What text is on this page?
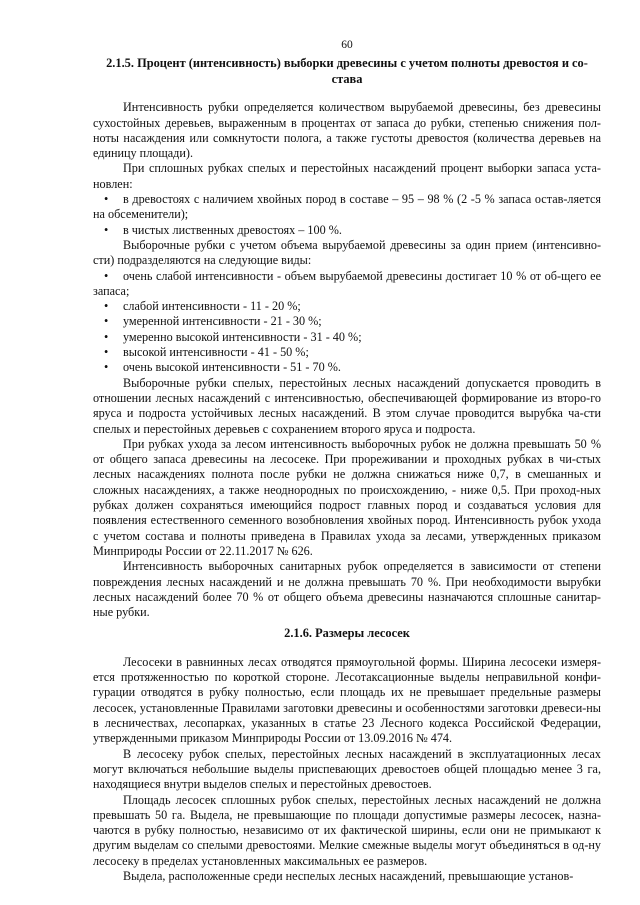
60
2.1.5. Процент (интенсивность) выборки древесины с учетом полноты древостоя и со-
става

Интенсивность рубки определяется количеством вырубаемой древесины, без древесины сухостойных деревьев, выраженным в процентах от запаса до рубки, степенью снижения пол-ноты насаждения или сомкнутости полога, а также густоты древостоя (количества деревьев на единицу площади).

При сплошных рубках спелых и перестойных насаждений процент выборки запаса уста-новлен:

• в древостоях с наличием хвойных пород в составе – 95 – 98 % (2 -5 % запаса остав-ляется на обсеменители);
• в чистых лиственных древостоях – 100 %.

Выборочные рубки с учетом объема вырубаемой древесины за один прием (интенсивно-сти) подразделяются на следующие виды:

• очень слабой интенсивности - объем вырубаемой древесины достигает 10 % от об-щего ее запаса;
• слабой интенсивности - 11 - 20 %;
• умеренной интенсивности - 21 - 30 %;
• умеренно высокой интенсивности - 31 - 40 %;
• высокой интенсивности - 41 - 50 %;
• очень высокой интенсивности - 51 - 70 %.

Выборочные рубки спелых, перестойных лесных насаждений допускается проводить в отношении лесных насаждений с интенсивностью, обеспечивающей формирование из второ-го яруса и подроста устойчивых лесных насаждений. В этом случае проводится вырубка ча-сти спелых и перестойных деревьев с сохранением второго яруса и подроста.

При рубках ухода за лесом интенсивность выборочных рубок не должна превышать 50 % от общего запаса древесины на лесосеке. При прореживании и проходных рубках в чи-стых лесных насаждениях полнота после рубки не должна снижаться ниже 0,7, в смешанных и сложных насаждениях, а также неоднородных по происхождению, - ниже 0,5. При проход-ных рубках должен сохраняться имеющийся подрост главных пород и создаваться условия для появления естественного семенного возобновления хвойных пород. Интенсивность рубок ухода с учетом состава и полноты приведена в Правилах ухода за лесами, утвержденных приказом Минприроды России от 22.11.2017 № 626.

Интенсивность выборочных санитарных рубок определяется в зависимости от степени повреждения лесных насаждений и не должна превышать 70 %. При необходимости вырубки лесных насаждений более 70 % от общего объема древесины назначаются сплошные санитар-ные рубки.

2.1.6. Размеры лесосек

Лесосеки в равнинных лесах отводятся прямоугольной формы. Ширина лесосеки измеря-ется протяженностью по короткой стороне. Лесотаксационные выделы неправильной конфи-гурации отводятся в рубку полностью, если площадь их не превышает предельные размеры лесосек, установленные Правилами заготовки древесины и особенностями заготовки древеси-ны в лесничествах, лесопарках, указанных в статье 23 Лесного кодекса Российской Федерации, утвержденными приказом Минприроды России от 13.09.2016 № 474.

В лесосеку рубок спелых, перестойных лесных насаждений в эксплуатационных лесах могут включаться небольшие выделы приспевающих древостоев общей площадью менее 3 га, находящиеся внутри выделов спелых и перестойных древостоев.

Площадь лесосек сплошных рубок спелых, перестойных лесных насаждений не должна превышать 50 га. Выдела, не превышающие по площади допустимые размеры лесосек, назна-чаются в рубку полностью, независимо от их фактической ширины, если они не примыкают к другим выделам со спелыми древостоями. Мелкие смежные выделы могут объединяться в од-ну лесосеку в пределах установленных максимальных ее размеров.

Выдела, расположенные среди неспелых лесных насаждений, превышающие установ-
